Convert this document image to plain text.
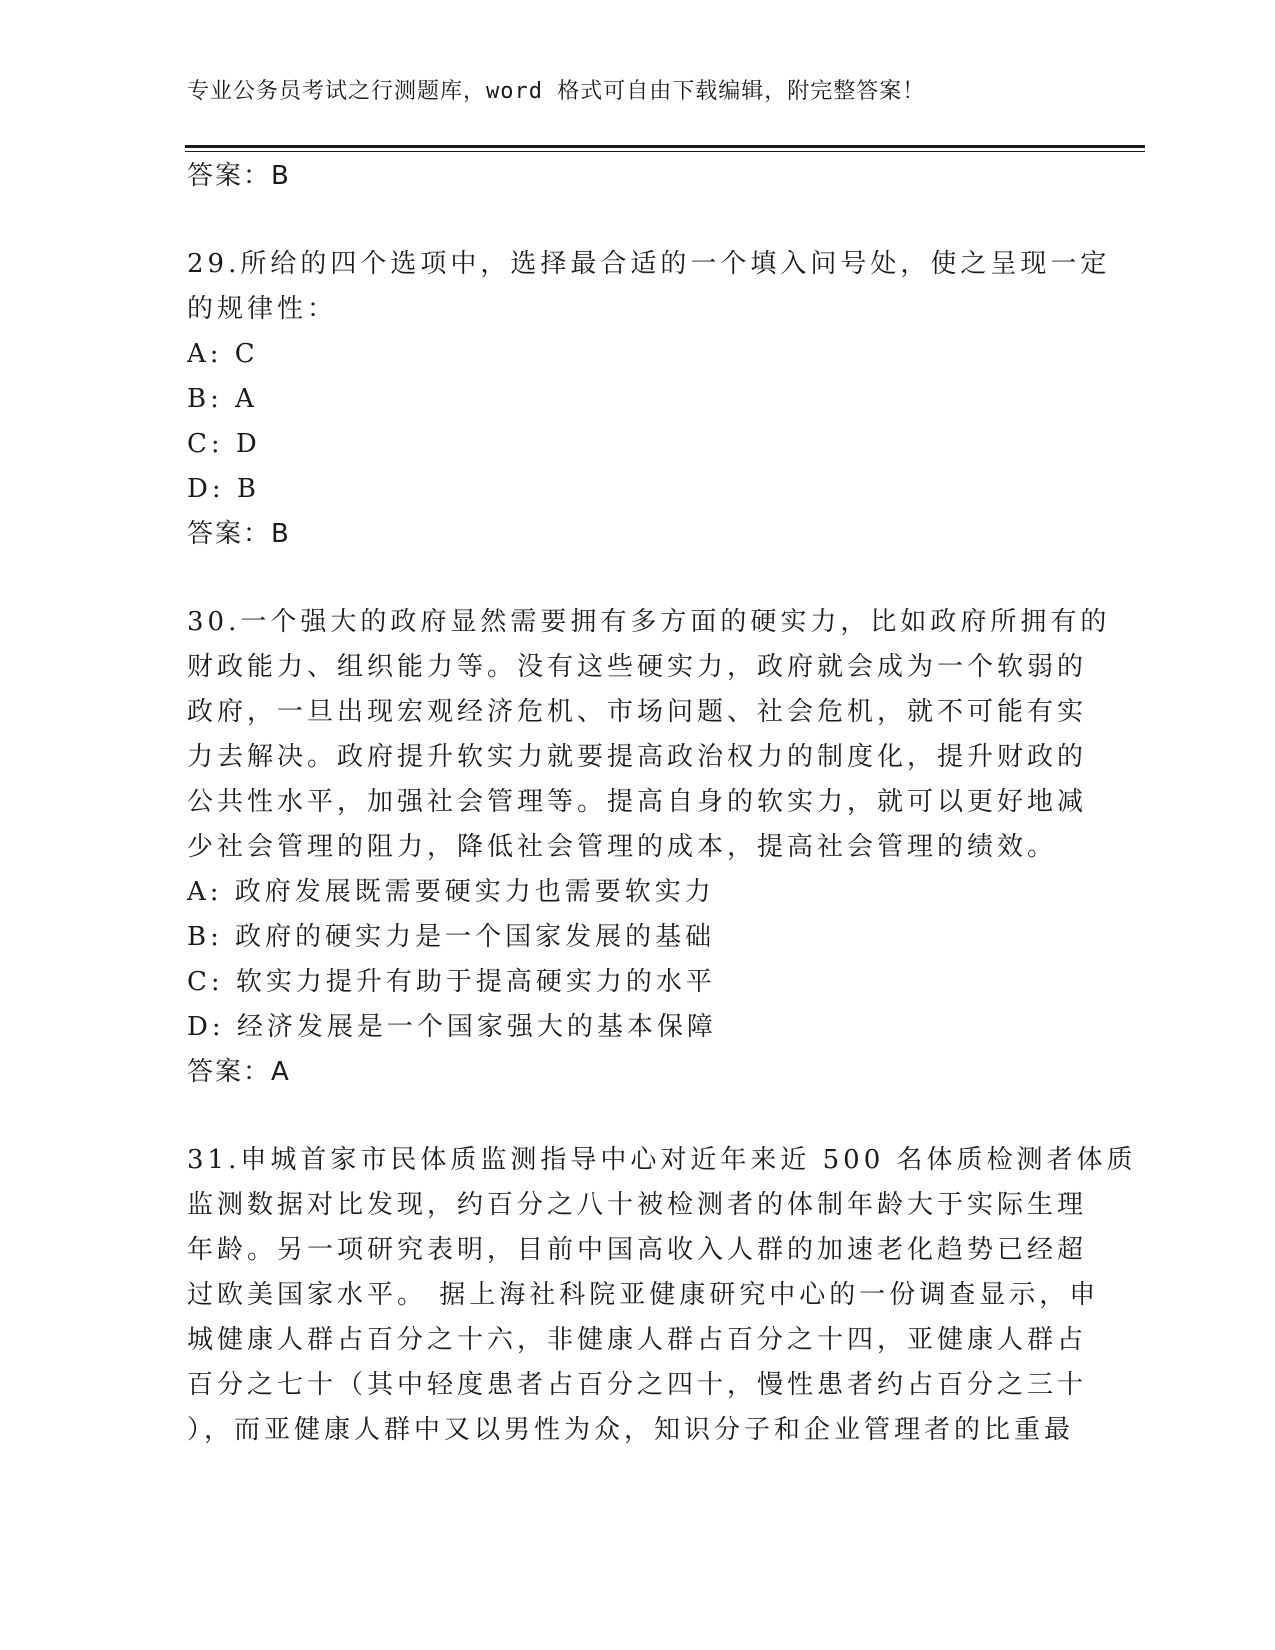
专业公务员考试之行测题库，word 格式可自由下载编辑，附完整答案！
答案：B
29.所给的四个选项中，选择最合适的一个填入问号处，使之呈现一定
的规律性：
A: C
B: A
C: D
D: B
答案：B
30.一个强大的政府显然需要拥有多方面的硬实力，比如政府所拥有的
财政能力、组织能力等。没有这些硬实力，政府就会成为一个软弱的
政府，一旦出现宏观经济危机、市场问题、社会危机，就不可能有实
力去解决。政府提升软实力就要提高政治权力的制度化，提升财政的
公共性水平，加强社会管理等。提高自身的软实力，就可以更好地减
少社会管理的阻力，降低社会管理的成本，提高社会管理的绩效。
A: 政府发展既需要硬实力也需要软实力
B: 政府的硬实力是一个国家发展的基础
C: 软实力提升有助于提高硬实力的水平
D: 经济发展是一个国家强大的基本保障
答案：A
31.申城首家市民体质监测指导中心对近年来近 500 名体质检测者体质
监测数据对比发现，约百分之八十被检测者的体制年龄大于实际生理
年龄。另一项研究表明，目前中国高收入人群的加速老化趋势已经超
过欧美国家水平。 据上海社科院亚健康研究中心的一份调查显示，申
城健康人群占百分之十六，非健康人群占百分之十四，亚健康人群占
百分之七十（其中轻度患者占百分之四十，慢性患者约占百分之三十
），而亚健康人群中又以男性为众，知识分子和企业管理者的比重最
